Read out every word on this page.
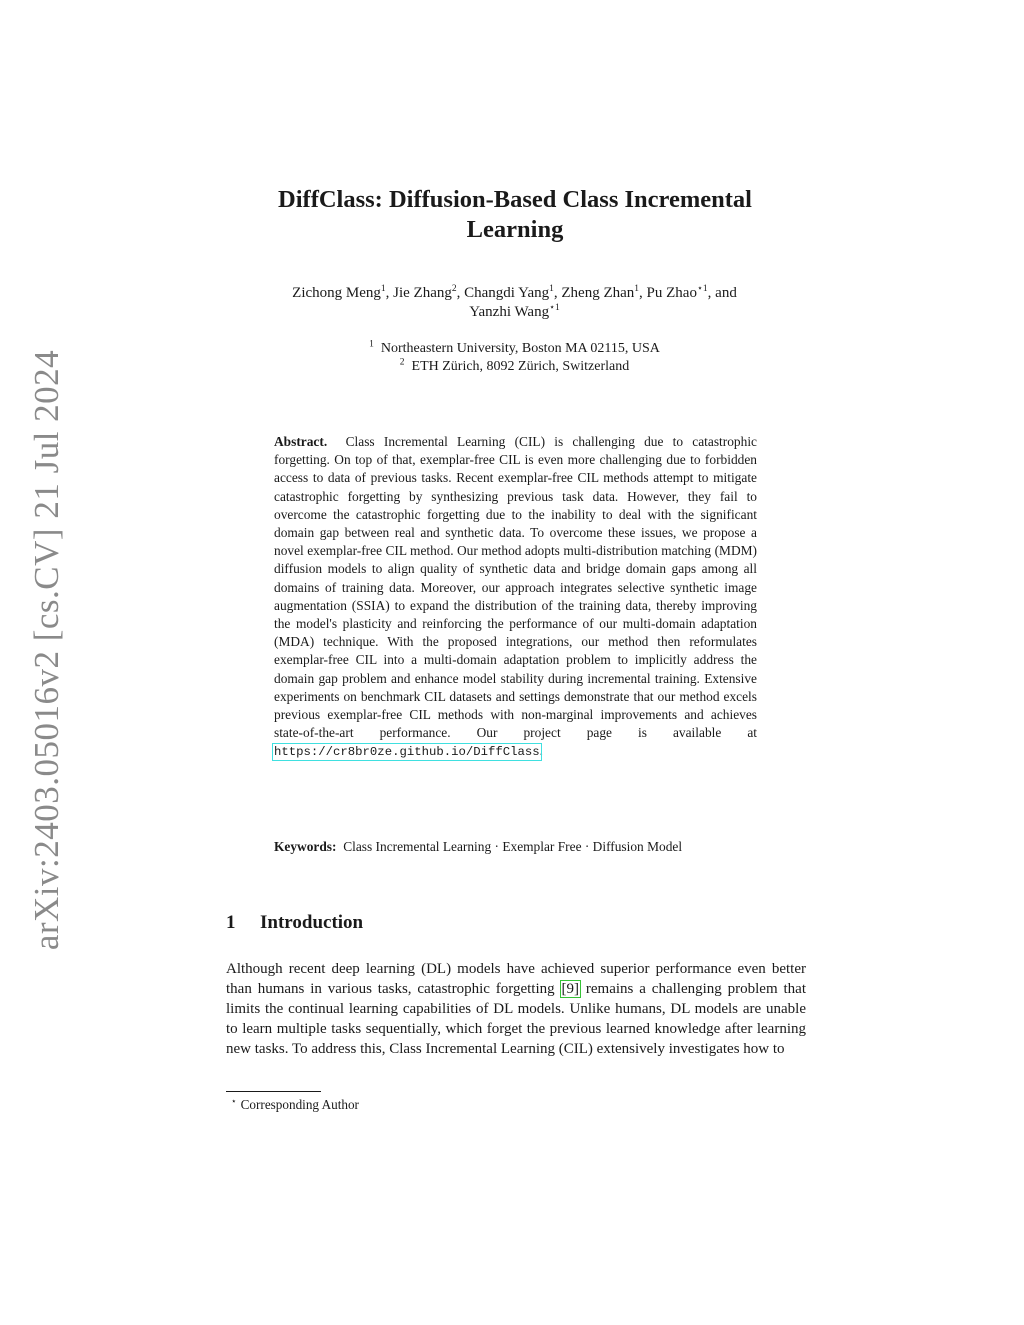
arXiv:2403.05016v2 [cs.CV] 21 Jul 2024
DiffClass: Diffusion-Based Class Incremental
Learning
Zichong Meng$^1$, Jie Zhang$^2$, Changdi Yang$^1$, Zheng Zhan$^1$, Pu Zhao$^{⋆1}$, and
Yanzhi Wang$^{⋆1}$
$^1$ Northeastern University, Boston MA 02115, USA
$^2$ ETH Zürich, 8092 Zürich, Switzerland
Abstract. Class Incremental Learning (CIL) is challenging due to catastrophic forgetting. On top of that, exemplar-free CIL is even more challenging due to forbidden access to data of previous tasks. Recent exemplar-free CIL methods attempt to mitigate catastrophic forgetting by synthesizing previous task data. However, they fail to overcome the catastrophic forgetting due to the inability to deal with the significant domain gap between real and synthetic data. To overcome these issues, we propose a novel exemplar-free CIL method. Our method adopts multi-distribution matching (MDM) diffusion models to align quality of synthetic data and bridge domain gaps among all domains of training data. Moreover, our approach integrates selective synthetic image augmentation (SSIA) to expand the distribution of the training data, thereby improving the model's plasticity and reinforcing the performance of our multi-domain adaptation (MDA) technique. With the proposed integrations, our method then reformulates exemplar-free CIL into a multi-domain adaptation problem to implicitly address the domain gap problem and enhance model stability during incremental training. Extensive experiments on benchmark CIL datasets and settings demonstrate that our method excels previous exemplar-free CIL methods with non-marginal improvements and achieves state-of-the-art performance. Our project page is available at https://cr8br0ze.github.io/DiffClass.
Keywords: Class Incremental Learning · Exemplar Free · Diffusion Model
1 Introduction
Although recent deep learning (DL) models have achieved superior performance even better than humans in various tasks, catastrophic forgetting [9] remains a challenging problem that limits the continual learning capabilities of DL models. Unlike humans, DL models are unable to learn multiple tasks sequentially, which forget the previous learned knowledge after learning new tasks. To address this, Class Incremental Learning (CIL) extensively investigates how to
⋆ Corresponding Author
